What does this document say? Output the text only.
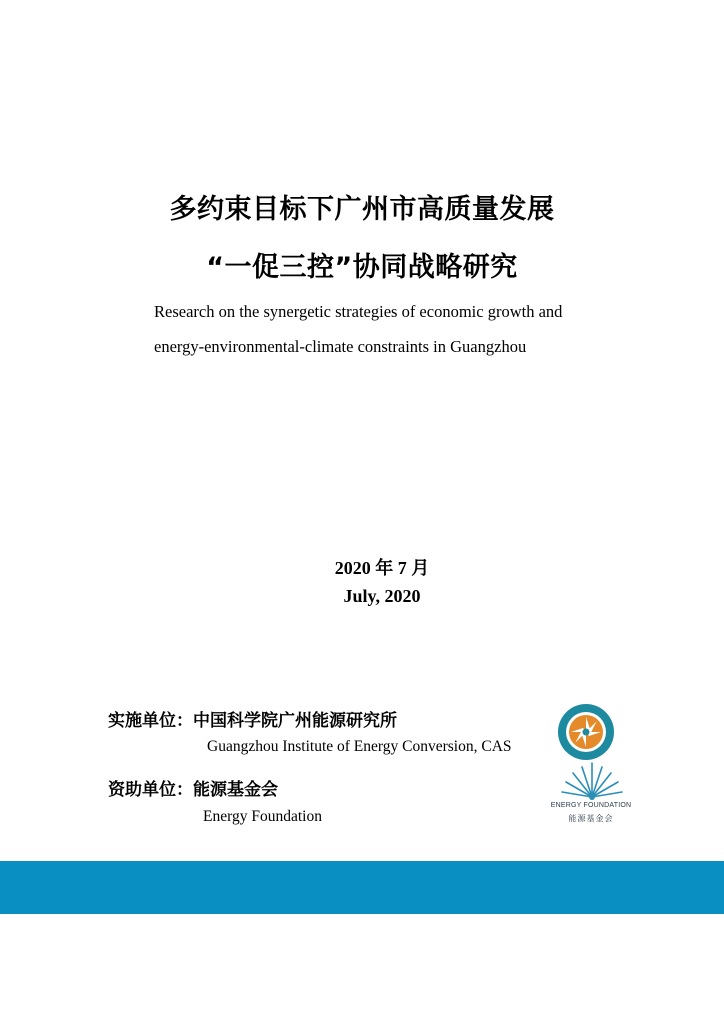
多约束目标下广州市高质量发展
“一促三控”协同战略研究

Research on the synergetic strategies of economic growth and

energy-environmental-climate constraints in Guangzhou

2020 年 7 月
July, 2020
实施单位：中国科学院广州能源研究所
Guangzhou Institute of Energy Conversion, CAS
资助单位：能源基金会
Energy Foundation
ENERGY FOUNDATION
能源基金会
